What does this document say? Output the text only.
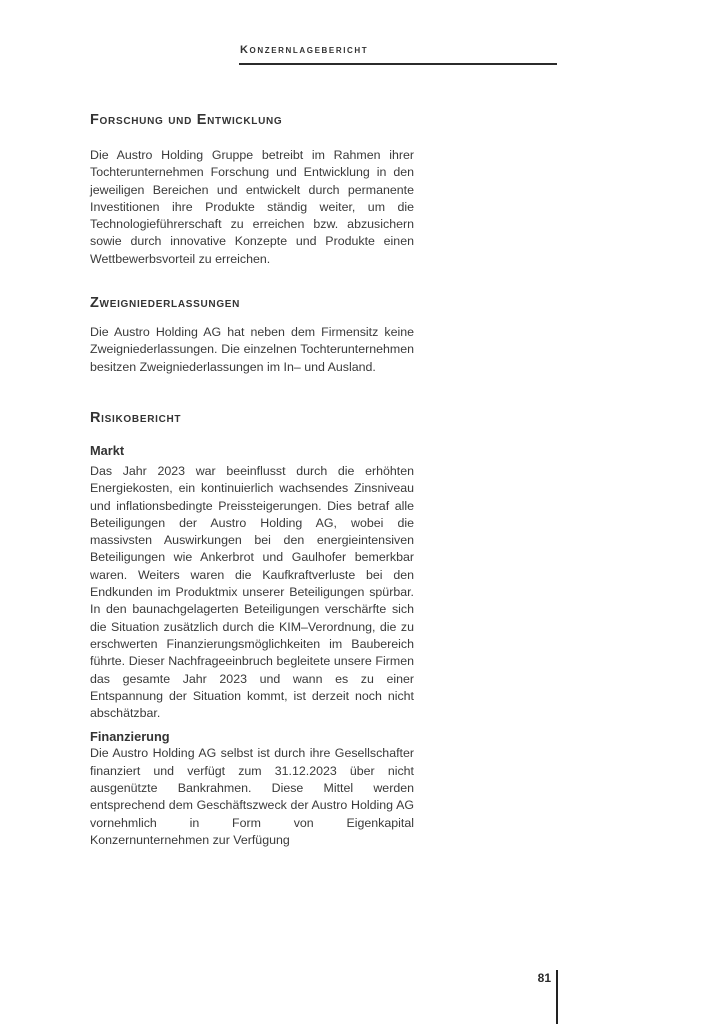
Konzernlagebericht
Forschung und Entwicklung

Die Austro Holding Gruppe betreibt im Rahmen ihrer Tochterunternehmen Forschung und Entwicklung in den jeweiligen Bereichen und entwickelt durch permanente Investitionen ihre Produkte ständig weiter, um die Technologieführerschaft zu erreichen bzw. abzusichern sowie durch innovative Konzepte und Produkte einen Wettbewerbsvorteil zu erreichen.

Zweigniederlassungen

Die Austro Holding AG hat neben dem Firmensitz keine Zweigniederlassungen. Die einzelnen Tochterunternehmen besitzen Zweigniederlassungen im In– und Ausland.

Risikobericht
Markt

Das Jahr 2023 war beeinflusst durch die erhöhten Energiekosten, ein kontinuierlich wachsendes Zinsniveau und inflationsbedingte Preissteigerungen. Dies betraf alle Beteiligungen der Austro Holding AG, wobei die massivsten Auswirkungen bei den energieintensiven Beteiligungen wie Ankerbrot und Gaulhofer bemerkbar waren. Weiters waren die Kaufkraftverluste bei den Endkunden im Produktmix unserer Beteiligungen spürbar. In den baunachgelagerten Beteiligungen verschärfte sich die Situation zusätzlich durch die KIM–Verordnung, die zu erschwerten Finanzierungsmöglichkeiten im Baubereich führte. Dieser Nachfrageeinbruch begleitete unsere Firmen das gesamte Jahr 2023 und wann es zu einer Entspannung der Situation kommt, ist derzeit noch nicht abschätzbar.

Finanzierung

Die Austro Holding AG selbst ist durch ihre Gesellschafter finanziert und verfügt zum 31.12.2023 über nicht ausgenützte Bankrahmen. Diese Mittel werden entsprechend dem Geschäftszweck der Austro Holding AG vornehmlich in Form von Eigenkapital Konzernunternehmen zur Verfügung

81
